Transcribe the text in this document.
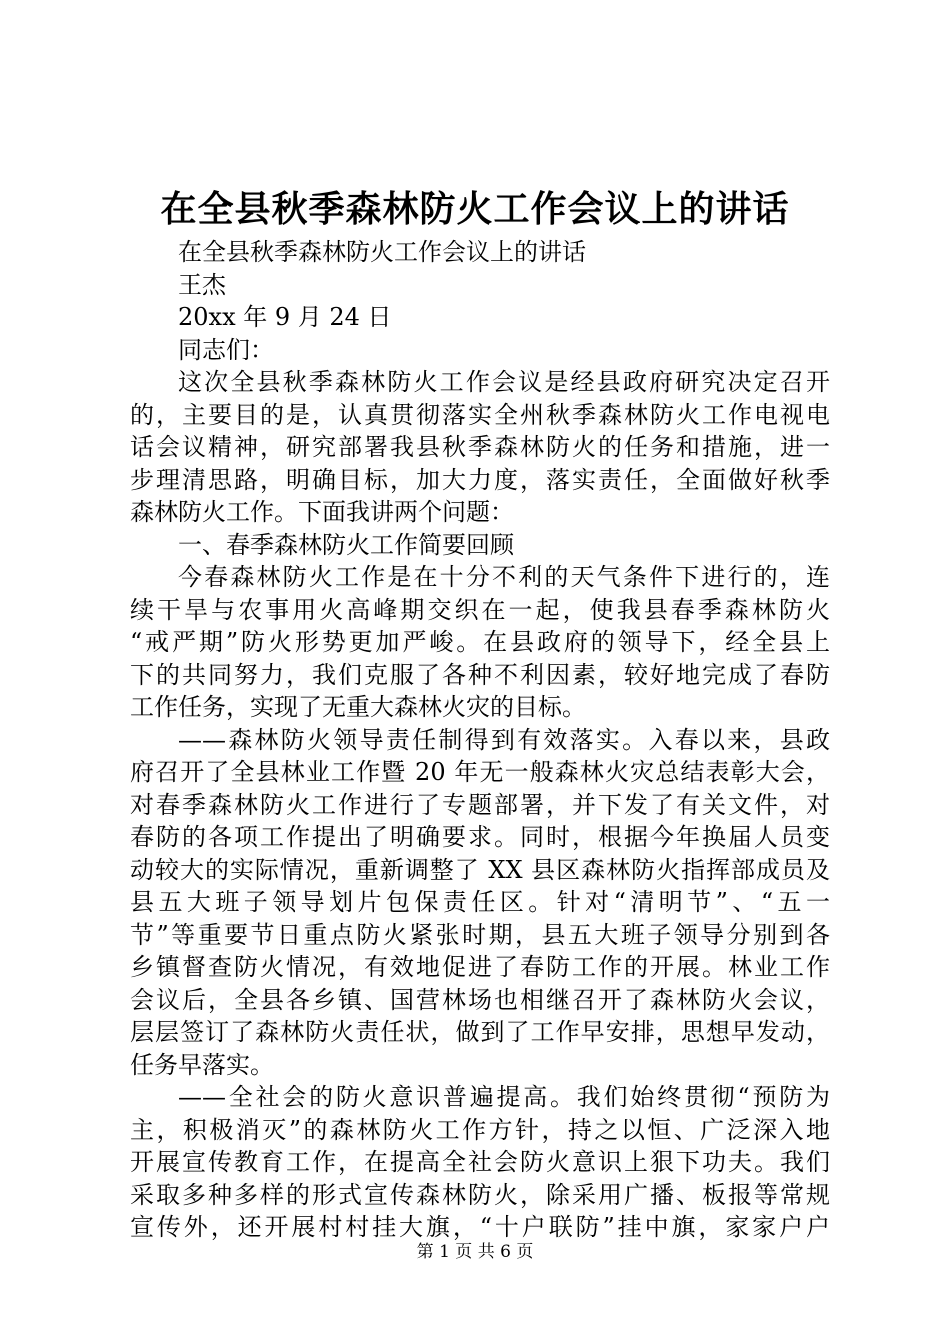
在全县秋季森林防火工作会议上的讲话
在全县秋季森林防火工作会议上的讲话
王杰
20xx 年 9 月 24 日
同志们：
这次全县秋季森林防火工作会议是经县政府研究决定召开
的，主要目的是，认真贯彻落实全州秋季森林防火工作电视电
话会议精神，研究部署我县秋季森林防火的任务和措施，进一
步理清思路，明确目标，加大力度，落实责任，全面做好秋季
森林防火工作。下面我讲两个问题：
一、春季森林防火工作简要回顾
今春森林防火工作是在十分不利的天气条件下进行的，连
续干旱与农事用火高峰期交织在一起，使我县春季森林防火
“戒严期”防火形势更加严峻。在县政府的领导下，经全县上
下的共同努力，我们克服了各种不利因素，较好地完成了春防
工作任务，实现了无重大森林火灾的目标。
——森林防火领导责任制得到有效落实。入春以来，县政
府召开了全县林业工作暨 20 年无一般森林火灾总结表彰大会，
对春季森林防火工作进行了专题部署，并下发了有关文件，对
春防的各项工作提出了明确要求。同时，根据今年换届人员变
动较大的实际情况，重新调整了 XX 县区森林防火指挥部成员及
县五大班子领导划片包保责任区。针对“清明节”、“五一
节”等重要节日重点防火紧张时期，县五大班子领导分别到各
乡镇督查防火情况，有效地促进了春防工作的开展。林业工作
会议后，全县各乡镇、国营林场也相继召开了森林防火会议，
层层签订了森林防火责任状，做到了工作早安排，思想早发动，
任务早落实。
——全社会的防火意识普遍提高。我们始终贯彻“预防为
主，积极消灭”的森林防火工作方针，持之以恒、广泛深入地
开展宣传教育工作，在提高全社会防火意识上狠下功夫。我们
采取多种多样的形式宣传森林防火，除采用广播、板报等常规
宣传外，还开展村村挂大旗，“十户联防”挂中旗，家家户户
第 1 页 共 6 页
